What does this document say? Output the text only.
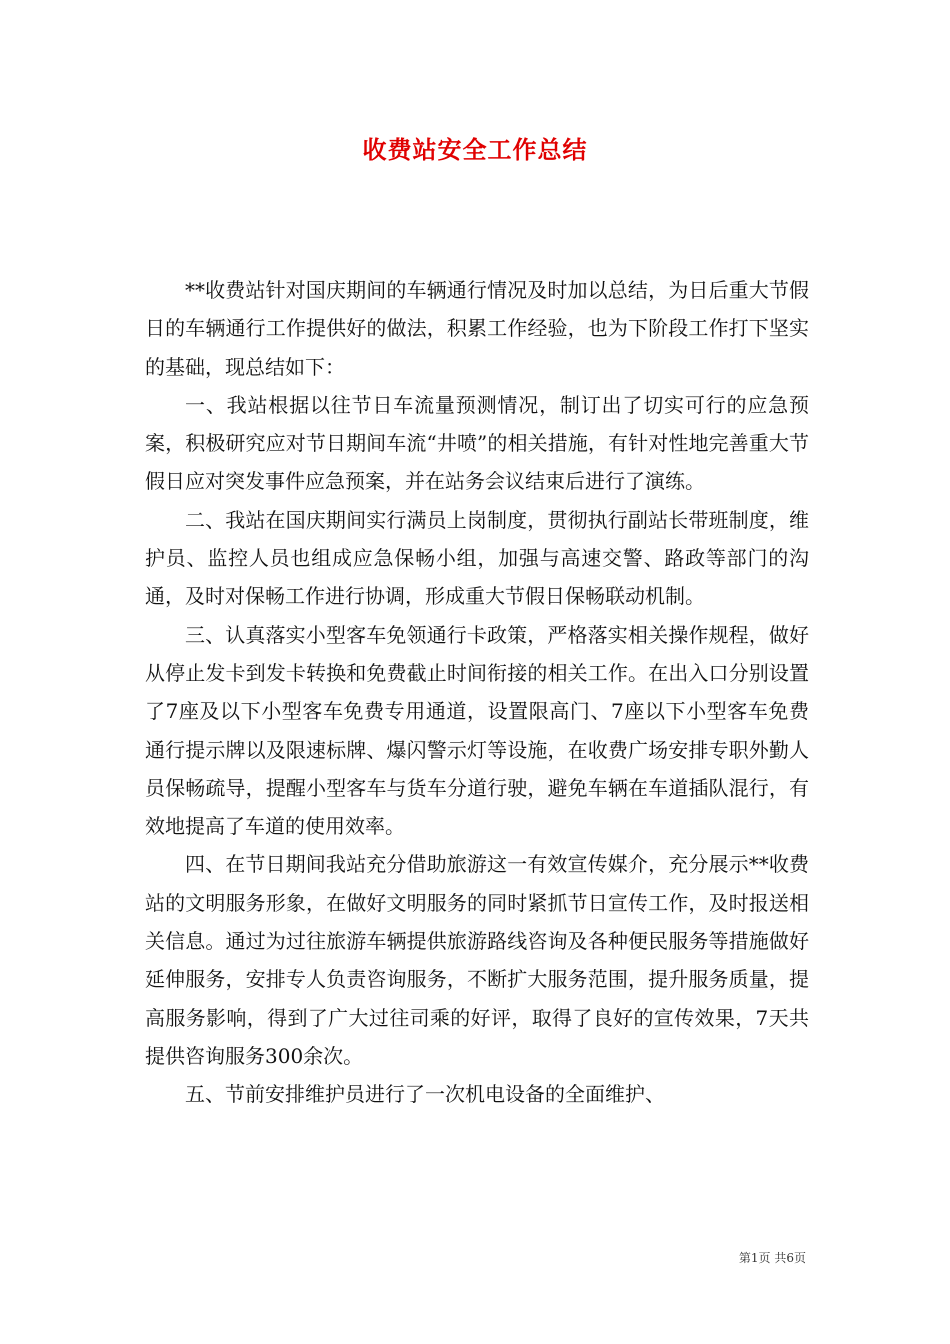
收费站安全工作总结

**收费站针对国庆期间的车辆通行情况及时加以总结，为日后重大节假日的车辆通行工作提供好的做法，积累工作经验，也为下阶段工作打下坚实的基础，现总结如下：

一、我站根据以往节日车流量预测情况，制订出了切实可行的应急预案，积极研究应对节日期间车流“井喷”的相关措施，有针对性地完善重大节假日应对突发事件应急预案，并在站务会议结束后进行了演练。

二、我站在国庆期间实行满员上岗制度，贯彻执行副站长带班制度，维护员、监控人员也组成应急保畅小组，加强与高速交警、路政等部门的沟通，及时对保畅工作进行协调，形成重大节假日保畅联动机制。

三、认真落实小型客车免领通行卡政策，严格落实相关操作规程，做好从停止发卡到发卡转换和免费截止时间衔接的相关工作。在出入口分别设置了7座及以下小型客车免费专用通道，设置限高门、7座以下小型客车免费通行提示牌以及限速标牌、爆闪警示灯等设施，在收费广场安排专职外勤人员保畅疏导，提醒小型客车与货车分道行驶，避免车辆在车道插队混行，有效地提高了车道的使用效率。

四、在节日期间我站充分借助旅游这一有效宣传媒介，充分展示**收费站的文明服务形象，在做好文明服务的同时紧抓节日宣传工作，及时报送相关信息。通过为过往旅游车辆提供旅游路线咨询及各种便民服务等措施做好延伸服务，安排专人负责咨询服务，不断扩大服务范围，提升服务质量，提高服务影响，得到了广大过往司乘的好评，取得了良好的宣传效果，7天共提供咨询服务300余次。

五、节前安排维护员进行了一次机电设备的全面维护、

第1页 共6页
